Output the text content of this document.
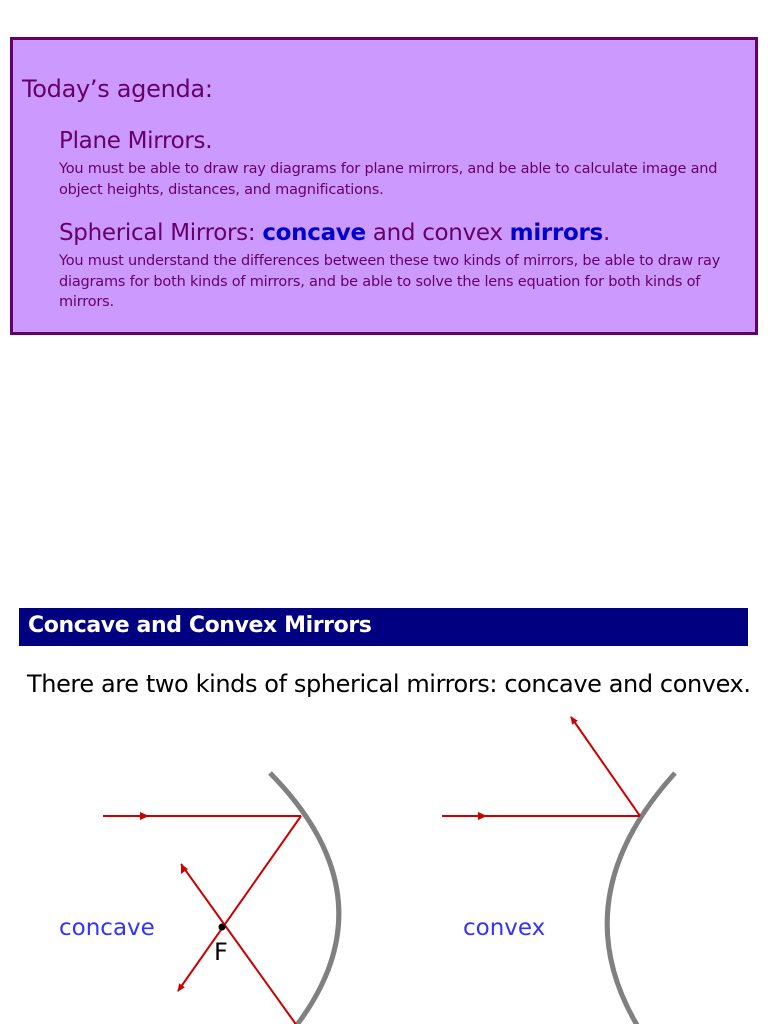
Today’s agenda:
Plane Mirrors.
You must be able to draw ray diagrams for plane mirrors, and be able to calculate image and object heights, distances, and magnifications.
Spherical Mirrors: concave and convex mirrors.
You must understand the differences between these two kinds of mirrors, be able to draw ray diagrams for both kinds of mirrors, and be able to solve the lens equation for both kinds of mirrors.
Concave and Convex Mirrors
There are two kinds of spherical mirrors: concave and convex.
F
concave	convex
